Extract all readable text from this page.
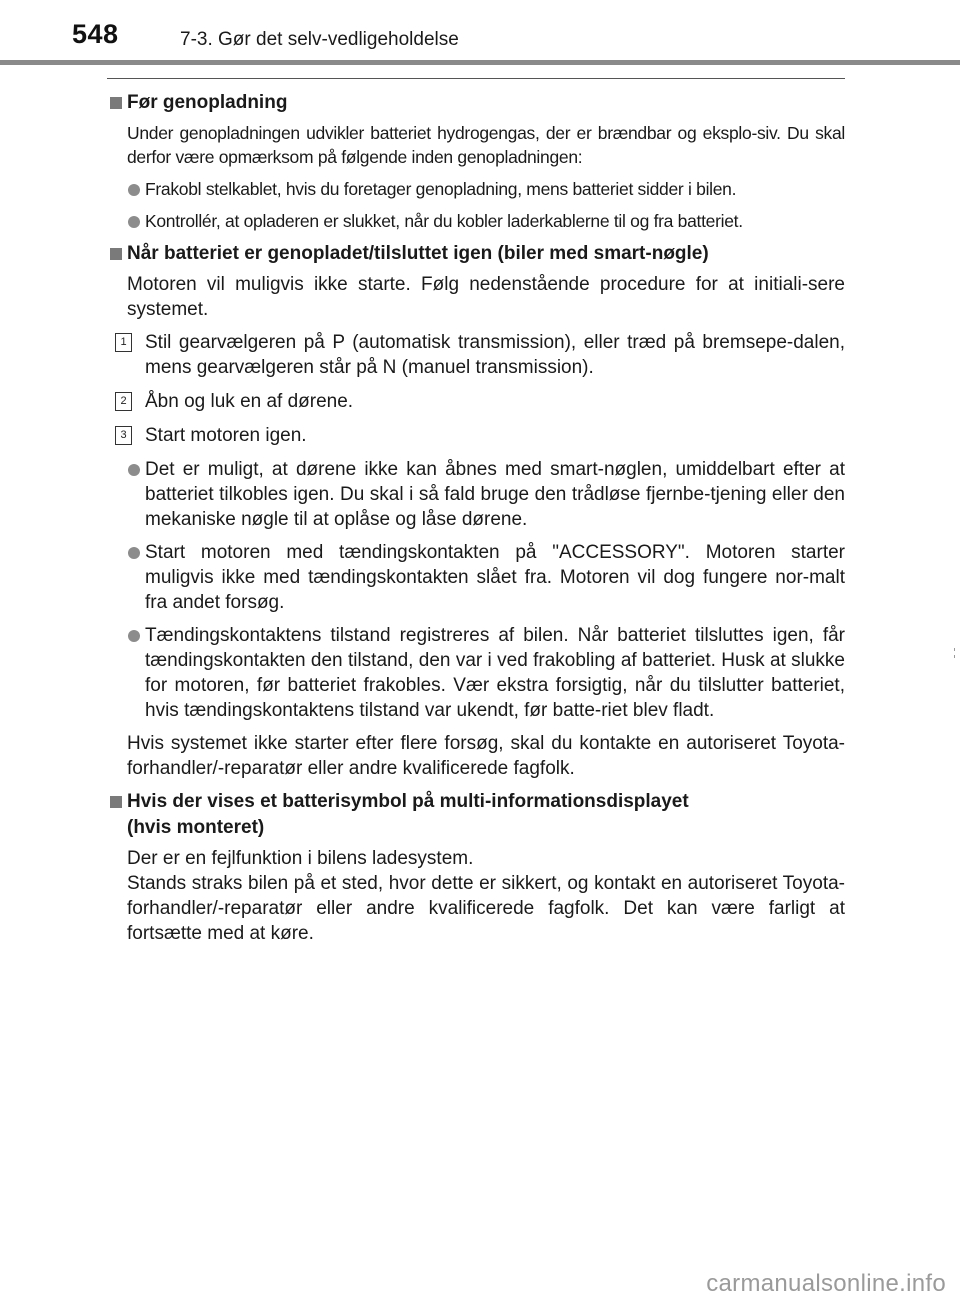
548	7-3. Gør det selv-vedligeholdelse
Før genopladning

Under genopladningen udvikler batteriet hydrogengas, der er brændbar og eksplo-siv. Du skal derfor være opmærksom på følgende inden genopladningen:

Frakobl stelkablet, hvis du foretager genopladning, mens batteriet sidder i bilen.
Kontrollér, at opladeren er slukket, når du kobler laderkablerne til og fra batteriet.
Når batteriet er genopladet/tilsluttet igen (biler med smart-nøgle)

Motoren vil muligvis ikke starte. Følg nedenstående procedure for at initiali-sere systemet.

1 Stil gearvælgeren på P (automatisk transmission), eller træd på bremsepe-dalen, mens gearvælgeren står på N (manuel transmission).
2 Åbn og luk en af dørene.
3 Start motoren igen.
Det er muligt, at dørene ikke kan åbnes med smart-nøglen, umiddelbart efter at batteriet tilkobles igen. Du skal i så fald bruge den trådløse fjernbe-tjening eller den mekaniske nøgle til at oplåse og låse dørene.
Start motoren med tændingskontakten på "ACCESSORY". Motoren starter muligvis ikke med tændingskontakten slået fra. Motoren vil dog fungere nor-malt fra andet forsøg.
Tændingskontaktens tilstand registreres af bilen. Når batteriet tilsluttes igen, får tændingskontakten den tilstand, den var i ved frakobling af batteriet. Husk at slukke for motoren, før batteriet frakobles. Vær ekstra forsigtig, når du tilslutter batteriet, hvis tændingskontaktens tilstand var ukendt, før batte-riet blev fladt.

Hvis systemet ikke starter efter flere forsøg, skal du kontakte en autoriseret Toyota-forhandler/-reparatør eller andre kvalificerede fagfolk.

Hvis der vises et batterisymbol på multi-informationsdisplayet
(hvis monteret)

Der er en fejlfunktion i bilens ladesystem.

Stands straks bilen på et sted, hvor dette er sikkert, og kontakt en autoriseret Toyota-forhandler/-reparatør eller andre kvalificerede fagfolk. Det kan være farligt at fortsætte med at køre.

carmanualsonline.info
